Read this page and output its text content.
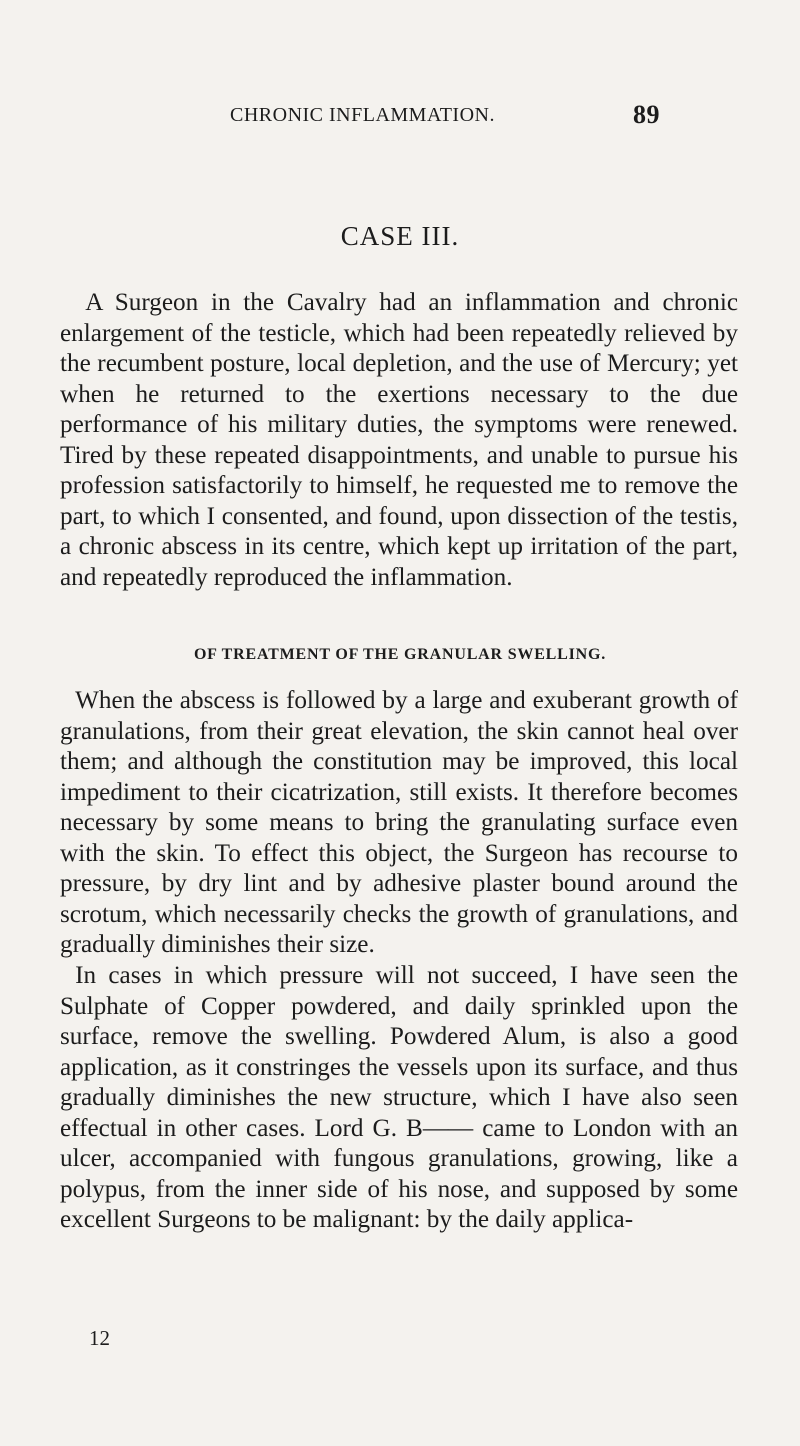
CHRONIC INFLAMMATION.	89
CASE III.

A Surgeon in the Cavalry had an inflammation and chronic enlargement of the testicle, which had been repeatedly relieved by the recumbent posture, local depletion, and the use of Mercury; yet when he returned to the exertions necessary to the due performance of his military duties, the symptoms were renewed. Tired by these repeated disappointments, and unable to pursue his profession satisfactorily to himself, he requested me to remove the part, to which I consented, and found, upon dissection of the testis, a chronic abscess in its centre, which kept up irritation of the part, and repeatedly reproduced the inflammation.

OF TREATMENT OF THE GRANULAR SWELLING.

When the abscess is followed by a large and exuberant growth of granulations, from their great elevation, the skin cannot heal over them; and although the constitution may be improved, this local impediment to their cicatrization, still exists. It therefore becomes necessary by some means to bring the granulating surface even with the skin. To effect this object, the Surgeon has recourse to pressure, by dry lint and by adhesive plaster bound around the scrotum, which necessarily checks the growth of granulations, and gradually diminishes their size.

In cases in which pressure will not succeed, I have seen the Sulphate of Copper powdered, and daily sprinkled upon the surface, remove the swelling. Powdered Alum, is also a good application, as it constringes the vessels upon its surface, and thus gradually diminishes the new structure, which I have also seen effectual in other cases. Lord G. B—— came to London with an ulcer, accompanied with fungous granulations, growing, like a polypus, from the inner side of his nose, and supposed by some excellent Surgeons to be malignant: by the daily applica-

12
